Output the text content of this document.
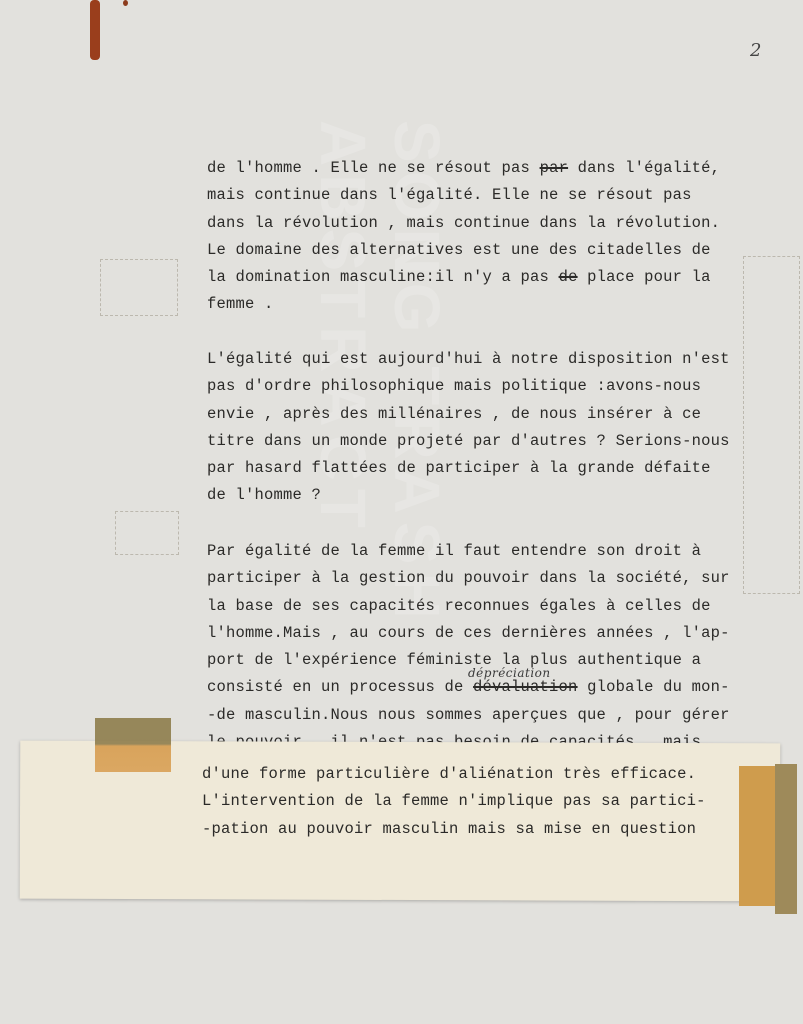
SONG TRASH ABSTRACT
2
de l'homme . Elle ne se résout pas par dans l'égalité,
mais continue dans l'égalité. Elle ne se résout pas
dans la révolution , mais continue dans la révolution.
Le domaine des alternatives est une des citadelles de
la domination masculine:il n'y a pas de place pour la
femme .
L'égalité qui est aujourd'hui à notre disposition n'est
pas d'ordre philosophique mais politique :avons-nous
envie , après des millénaires , de nous insérer à ce
titre dans un monde projeté par d'autres ? Serions-nous
par hasard flattées de participer à la grande défaite
de l'homme ?
Par égalité de la femme il faut entendre son droit à
participer à la gestion du pouvoir dans la société, sur
la base de ses capacités reconnues égales à celles de
l'homme.Mais , au cours de ces dernières années , l'ap-
port de l'expérience féministe la plus authentique a
consisté en un processus de dévaluation globale du mon-
-de masculin.Nous nous sommes aperçues que , pour gérer
dépréciation
d'une forme particulière d'aliénation très efficace.
L'intervention de la femme n'implique pas sa partici-
-pation au pouvoir masculin mais sa mise en question
